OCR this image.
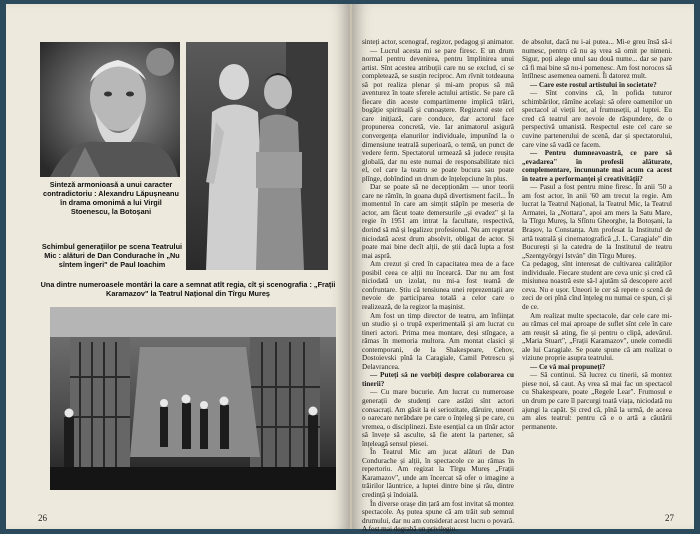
Sinteză armonioasă a unui caracter contradictoriu : Alexandru Lăpușneanu în drama omonimă a lui Virgil Stoenescu, la Botoșani
Schimbul generațiilor pe scena Teatrului Mic : alături de Dan Condurache în „Nu sîntem îngeri" de Paul Ioachim
Una dintre numeroasele montări la care a semnat atît regia, cît și scenografia : „Frații Karamazov" la Teatrul Național din Tîrgu Mureș
26

de absolut, dacă nu i-ai putea... Mi-e greu însă să-i numesc, pentru că nu aș vrea să omit pe nimeni. Sigur, poți alege unul sau două nume... dar se pare că fi mai bine să nu-i pomenesc. Am fost norocos să întîlnesc asemenea oameni. Îi datorez mult.

— Care este rostul artistului în societate?

— Sînt convins că, în pofida tuturor schimbărilor, rămîne același: să ofere oamenilor un spectacol al vieții lor, al frumuseții, al luptei. Eu cred că teatrul are nevoie de răspundere, de o perspectivă umanistă. Respectul este cel care se cuvine partenerului de scenă, dar și spectatorului, care vine să vadă ce facem.

— Pentru dumneavoastră, ce pare să „evadarea" în profesii alăturate, complementare, încununate mai acum ca acest în teatre a performanței și creativității?

— Pasul a fost pentru mine firesc. În anii '50 a am fost actor, în anii '60 am trecut la regie. Am lucrat la Teatrul Național, la Teatrul Mic, la Teatrul Armatei, la „Nottara", apoi am mers la Satu Mare, la Tîrgu Mureș, la Sfîntu Gheorghe, la Botoșani, la Brașov, la Constanța. Am profesat la Institutul de artă teatrală și cinematografică „I. L. Caragiale" din București și la catedra de la Institutul de teatru „Szentgyörgyi István" din Tîrgu Mureș.

Ca pedagog, sînt interesat de cultivarea calităților individuale. Fiecare student are ceva unic și cred că misiunea noastră este să-l ajutăm să descopere acel ceva. Nu e ușor. Uneori le cer să repete o scenă de zeci de ori pînă cînd înțeleg nu numai ce spun, ci și de ce.

Am realizat multe spectacole, dar cele care mi-au rămas cel mai aproape de suflet sînt cele în care am reușit să ating, fie și pentru o clipă, adevărul. „Maria Stuart", „Frații Karamazov", unele comedii ale lui Caragiale. Se poate spune că am realizat o viziune proprie asupra teatrului.

— Ce vă mai propuneți?

— Să continui. Să lucrez cu tinerii, să montez piese noi, să caut. Aș vrea să mai fac un spectacol cu Shakespeare, poate „Regele Lear". Frumosul e un drum pe care îl parcurgi toată viața, niciodată nu ajungi la capăt. Și cred că, pînă la urmă, de aceea am ales teatrul: pentru că e o artă a căutării permanente.

27

sinteți actor, scenograf, regizor, pedagog și animator.

— Lucrul acesta mi se pare firesc. E un drum normal pentru devenirea, pentru împlinirea unui artist. Sînt acestea atribuții care nu se exclud, ci se completează, se susțin reciproc. Am rîvnit totdeauna să pot realiza plenar și mi-am propus să mă aventurez în toate sferele actului artistic. Se pare că fiecare din aceste compartimente implică trăiri, bogăție spirituală și cunoaștere. Regizorul este cel care inițiază, care conduce, dar actorul face propunerea concretă, vie. Iar animatorul asigură convergența elanurilor individuale, impunînd la o dimensiune teatrală superioară, o temă, un punct de vedere ferm. Spectatorul urmează să judece reușita globală, dar nu este numai de responsabilitate nici el, cel care la teatru se poate bucura sau poate plînge, dobîndind un drum de înțelepciune în plus.

Dar se poate să ne decepționăm — unor teorii care ne rămîn, în goana după divertisment facil... În momentul în care am simțit stăpîn pe meseria de actor, am făcut toate demersurile „și evadez" și la regie în 1951 am intrat la facultate, respectivă, dorind să mă și legalizez profesional. Nu am regretat niciodată acest drum absolvit, obligat de actor. Și poate mai bine decît alții, de știi dacă lupta a fost mai aspră.

Am crezut și cred în capacitatea mea de a face posibil ceea ce alții nu încearcă. Dar nu am fost niciodată un izolat, nu mi-a fost teamă de confruntare. Știu că tensiunea unei reprezentații are nevoie de participarea totală a celor care o realizează, de la regizor la mașinist.

Am fost un timp director de teatru, am înființat un studio și o trupă experimentală și am lucrat cu tineri actori. Prima mea montare, deși stîngace, a rămas în memoria multora. Am montat clasici și contemporani, de la Shakespeare, Cehov, Dostoievski pînă la Caragiale, Camil Petrescu și Delavrancea.

— Puteți să ne vorbiți despre colaborarea cu tinerii?

— Cu mare bucurie. Am lucrat cu numeroase generații de studenți care astăzi sînt actori consacrați. Am găsit la ei seriozitate, dăruire, uneori o oarecare nerăbdare pe care o înțeleg și pe care, cu vremea, o disciplinezi. Este esențial ca un tînăr actor să învețe să asculte, să fie atent la partener, să înțeleagă sensul piesei.

În Teatrul Mic am jucat alături de Dan Condurache și alții, în spectacole ce au rămas în repertoriu. Am regizat la Tîrgu Mureș „Frații Karamazov", unde am încercat să ofer o imagine a trăirilor lăuntrice, a luptei dintre bine și rău, dintre credință și îndoială.

În diverse orașe din țară am fost invitat să montez spectacole. Aș putea spune că am trăit sub semnul drumului, dar nu am considerat acest lucru o povară. A fost mai degrabă un privilegiu.
